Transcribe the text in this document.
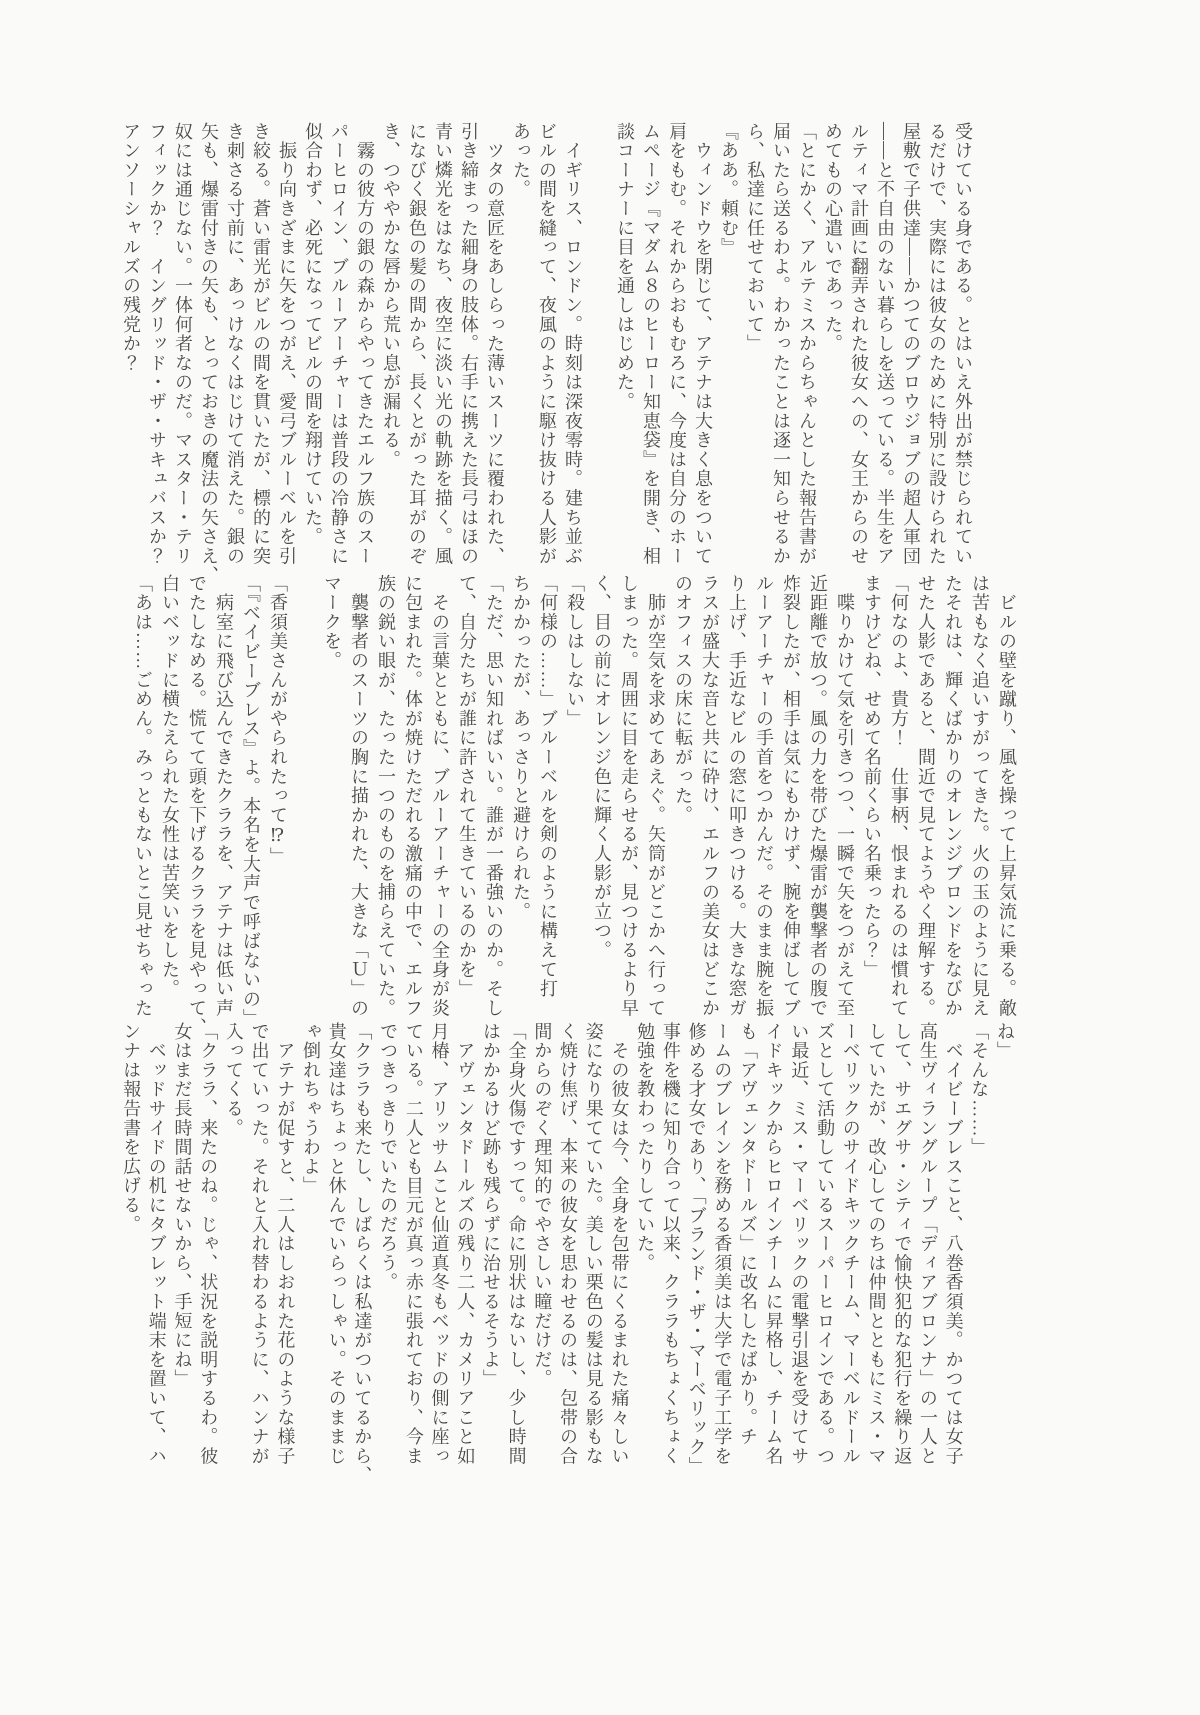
受けている身である。とはいえ外出が禁じられてい
るだけで、実際には彼女のために特別に設けられた
屋敷で子供達――かつてのブロウジョブの超人軍団
――と不自由のない暮らしを送っている。半生をア
ルティマ計画に翻弄された彼女への、女王からのせ
めてもの心遣いであった。
「とにかく、アルテミスからちゃんとした報告書が
届いたら送るわよ。わかったことは逐一知らせるか
ら、私達に任せておいて」
『ああ。頼む』
　ウィンドウを閉じて、アテナは大きく息をついて
肩をもむ。それからおもむろに、今度は自分のホー
ムページ『マダム８のヒーロー知恵袋』を開き、相
談コーナーに目を通しはじめた。

　イギリス、ロンドン。時刻は深夜零時。建ち並ぶ
ビルの間を縫って、夜風のように駆け抜ける人影が
あった。
　ツタの意匠をあしらった薄いスーツに覆われた、
引き締まった細身の肢体。右手に携えた長弓はほの
青い燐光をはなち、夜空に淡い光の軌跡を描く。風
になびく銀色の髪の間から、長くとがった耳がのぞ
き、つややかな唇から荒い息が漏れる。
　霧の彼方の銀の森からやってきたエルフ族のスー
パーヒロイン、ブルーアーチャーは普段の冷静さに
似合わず、必死になってビルの間を翔けていた。
　振り向きざまに矢をつがえ、愛弓ブルーベルを引
き絞る。蒼い雷光がビルの間を貫いたが、標的に突
き刺さる寸前に、あっけなくはじけて消えた。銀の
矢も、爆雷付きの矢も、とっておきの魔法の矢さえ、
奴には通じない。一体何者なのだ。マスター・テリ
フィックか？　イングリッド・ザ・サキュバスか？
アンソーシャルズの残党か？
　ビルの壁を蹴り、風を操って上昇気流に乗る。敵
は苦もなく追いすがってきた。火の玉のように見え
たそれは、輝くばかりのオレンジブロンドをなびか
せた人影であると、間近で見てようやく理解する。
「何なのよ、貴方！　仕事柄、恨まれるのは慣れて
ますけどね、せめて名前くらい名乗ったら？」
　喋りかけて気を引きつつ、一瞬で矢をつがえて至
近距離で放つ。風の力を帯びた爆雷が襲撃者の腹で
炸裂したが、相手は気にもかけず、腕を伸ばしてブ
ルーアーチャーの手首をつかんだ。そのまま腕を振
り上げ、手近なビルの窓に叩きつける。大きな窓ガ
ラスが盛大な音と共に砕け、エルフの美女はどこか
のオフィスの床に転がった。
　肺が空気を求めてあえぐ。矢筒がどこかへ行って
しまった。周囲に目を走らせるが、見つけるより早
く、目の前にオレンジ色に輝く人影が立つ。
「殺しはしない」
「何様の……」ブルーベルを剣のように構えて打
ちかかったが、あっさりと避けられた。
「ただ、思い知ればいい。誰が一番強いのか。そし
て、自分たちが誰に許されて生きているのかを」
　その言葉とともに、ブルーアーチャーの全身が炎
に包まれた。体が焼けただれる激痛の中で、エルフ
族の鋭い眼が、たった一つのものを捕らえていた。
　襲撃者のスーツの胸に描かれた、大きな「Ｕ」の
マークを。

「香須美さんがやられたって⁉」
「『ベイビーブレス』よ。本名を大声で呼ばないの」
　病室に飛び込んできたクララを、アテナは低い声
でたしなめる。慌てて頭を下げるクララを見やって、
白いベッドに横たえられた女性は苦笑いをした。
「あは……ごめん。みっともないとこ見せちゃった
ね」
「そんな……」
　ベイビーブレスこと、八巻香須美。かつては女子
高生ヴィラングループ「ディアブロンナ」の一人と
して、サエグサ・シティで愉快犯的な犯行を繰り返
していたが、改心してのちは仲間とともにミス・マ
ーベリックのサイドキックチーム、マーベルドール
ズとして活動しているスーパーヒロインである。つ
い最近、ミス・マーベリックの電撃引退を受けてサ
イドキックからヒロインチームに昇格し、チーム名
も「アヴェンタドールズ」に改名したばかり。チ
ームのブレインを務める香須美は大学で電子工学を
修める才女であり、「ブランド・ザ・マーベリック」
事件を機に知り合って以来、クララもちょくちょく
勉強を教わったりしていた。
　その彼女は今、全身を包帯にくるまれた痛々しい
姿になり果てていた。美しい栗色の髪は見る影もな
く焼け焦げ、本来の彼女を思わせるのは、包帯の合
間からのぞく理知的でやさしい瞳だけだ。
「全身火傷ですって。命に別状はないし、少し時間
はかかるけど跡も残らずに治せるそうよ」
　アヴェンタドールズの残り二人、カメリアこと如
月椿、アリッサムこと仙道真冬もベッドの側に座っ
ている。二人とも目元が真っ赤に張れており、今ま
でつきっきりでいたのだろう。
「クララも来たし、しばらくは私達がついてるから、
貴女達はちょっと休んでいらっしゃい。そのままじ
ゃ倒れちゃうわよ」
　アテナが促すと、二人はしおれた花のような様子
で出ていった。それと入れ替わるように、ハンナが
入ってくる。
「クララ、来たのね。じゃ、状況を説明するわ。彼
女はまだ長時間話せないから、手短にね」
　ベッドサイドの机にタブレット端末を置いて、ハ
ンナは報告書を広げる。
